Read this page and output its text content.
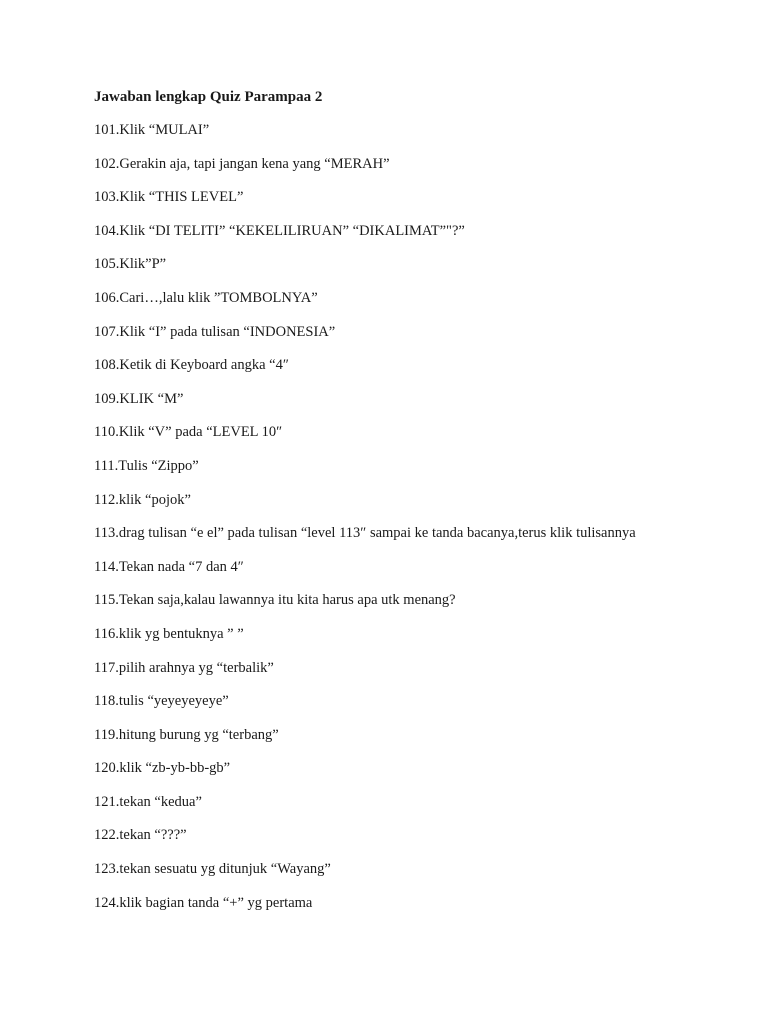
Jawaban lengkap Quiz Parampaa 2
101.Klik “MULAI”
102.Gerakin aja, tapi jangan kena yang “MERAH”
103.Klik “THIS LEVEL”
104.Klik “DI TELITI” “KEKELILIRUAN” “DIKALIMAT”"?”
105.Klik”P”
106.Cari…,lalu klik ”TOMBOLNYA”
107.Klik “I” pada tulisan “INDONESIA”
108.Ketik di Keyboard angka “4″
109.KLIK “M”
110.Klik “V” pada “LEVEL 10″
111.Tulis “Zippo”
112.klik “pojok”
113.drag tulisan “e el” pada tulisan “level 113″ sampai ke tanda bacanya,terus klik tulisannya
114.Tekan nada “7 dan 4″
115.Tekan saja,kalau lawannya itu kita harus apa utk menang?
116.klik yg bentuknya ” ”
117.pilih arahnya yg “terbalik”
118.tulis “yeyeyeyeye”
119.hitung burung yg “terbang”
120.klik “zb-yb-bb-gb”
121.tekan “kedua”
122.tekan “???”
123.tekan sesuatu yg ditunjuk “Wayang”
124.klik bagian tanda “+” yg pertama
